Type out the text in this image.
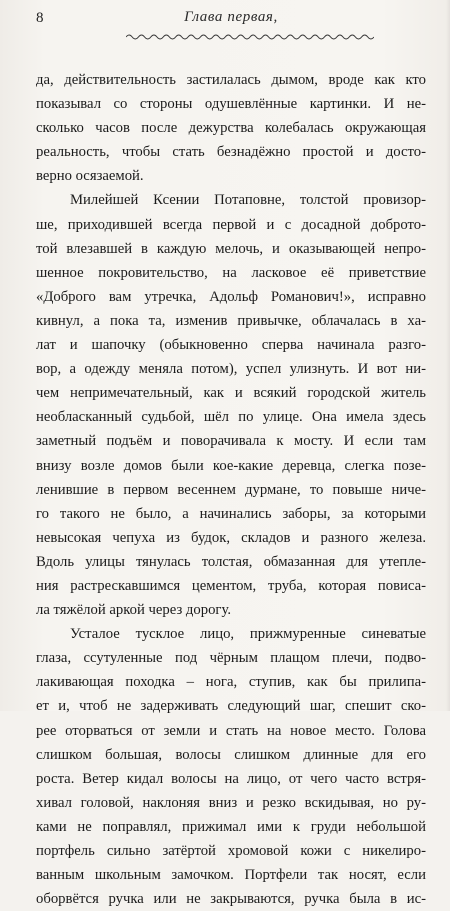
8	Глава первая,
да, действительность застилалась дымом, вроде как кто
показывал со стороны одушевлённые картинки. И не-
сколько часов после дежурства колебалась окружающая
реальность, чтобы стать безнадёжно простой и досто-
верно осязаемой.
Милейшей Ксении Потаповне, толстой провизор-
ше, приходившей всегда первой и с досадной доброто-
той влезавшей в каждую мелочь, и оказывающей непро-
шенное покровительство, на ласковое её приветствие
«Доброго вам утречка, Адольф Романович!», исправно
кивнул, а пока та, изменив привычке, облачалась в ха-
лат и шапочку (обыкновенно сперва начинала разго-
вор, а одежду меняла потом), успел улизнуть. И вот ни-
чем непримечательный, как и всякий городской житель
необласканный судьбой, шёл по улице. Она имела здесь
заметный подъём и поворачивала к мосту. И если там
внизу возле домов были кое-какие деревца, слегка позе-
ленившие в первом весеннем дурмане, то повыше ниче-
го такого не было, а начинались заборы, за которыми
невысокая чепуха из будок, складов и разного железа.
Вдоль улицы тянулась толстая, обмазанная для утепле-
ния растрескавшимся цементом, труба, которая повиса-
ла тяжёлой аркой через дорогу.
Усталое тусклое лицо, прижмуренные синеватые
глаза, ссутуленные под чёрным плащом плечи, подво-
лакивающая походка – нога, ступив, как бы прилипа-
ет и, чтоб не задерживать следующий шаг, спешит ско-
рее оторваться от земли и стать на новое место. Голова
слишком большая, волосы слишком длинные для его
роста. Ветер кидал волосы на лицо, от чего часто встря-
хивал головой, наклоняя вниз и резко вскидывая, но ру-
ками не поправлял, прижимал ими к груди небольшой
портфель сильно затёртой хромовой кожи с никелиро-
ванным школьным замочком. Портфели так носят, если
оборвётся ручка или не закрываются, ручка была в ис-
